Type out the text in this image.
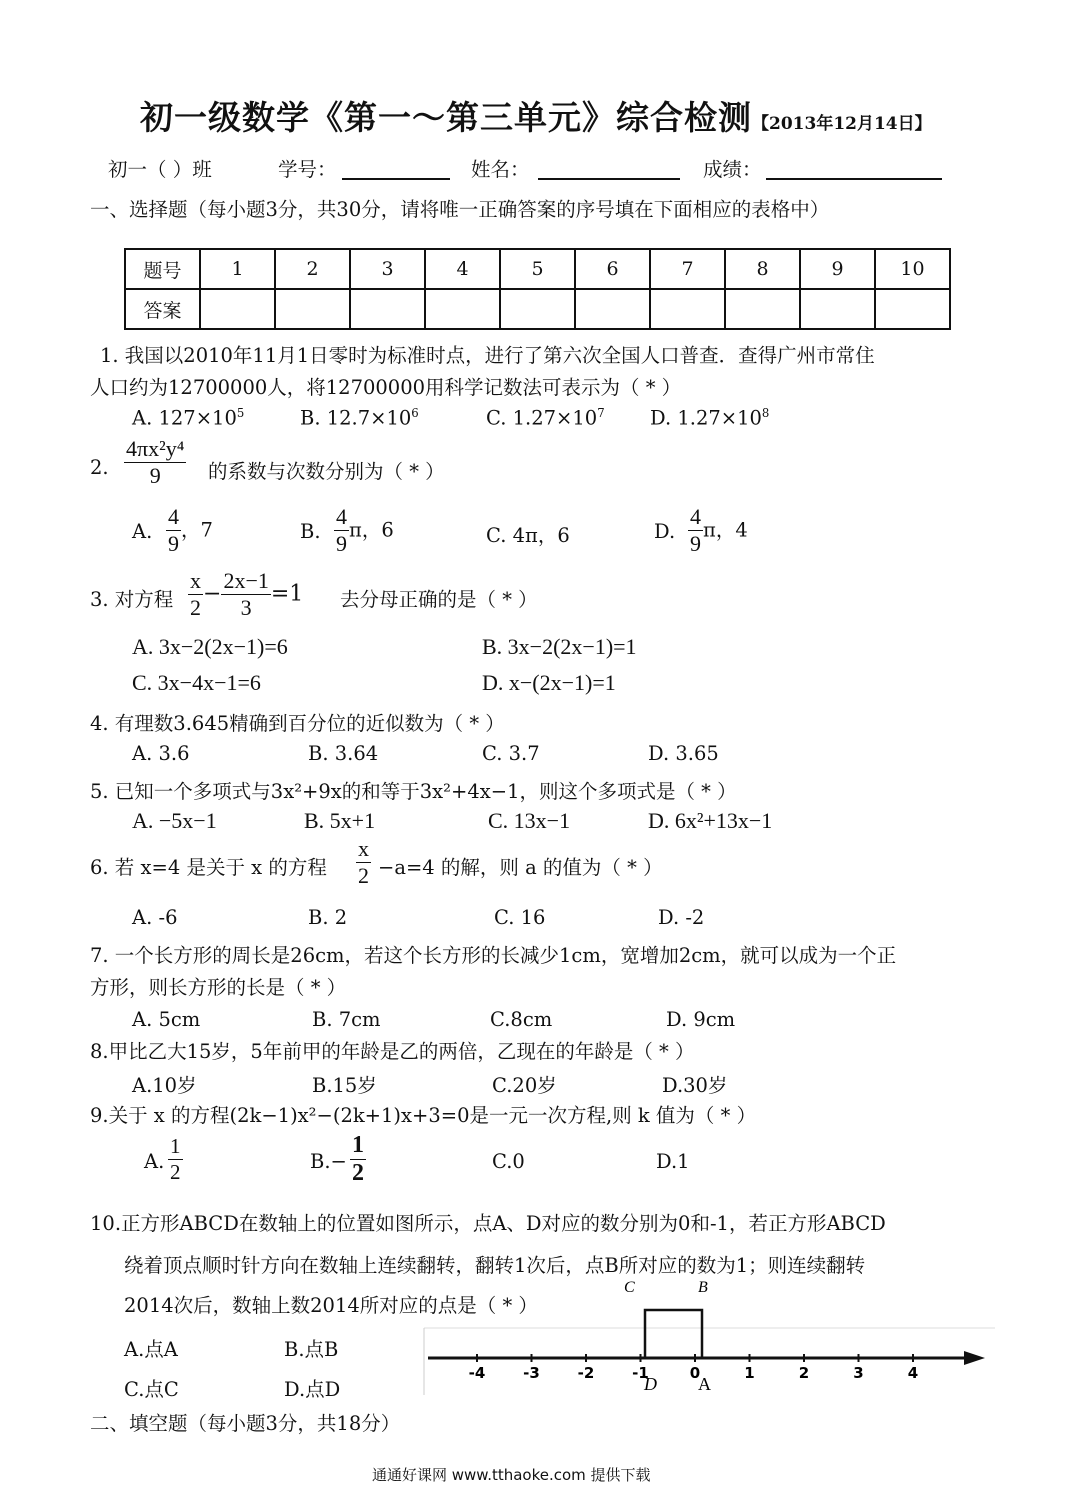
初一级数学《第一～第三单元》综合检测【2013年12月14日】
初一（ ）班	学号：	姓名：	成绩：
一、选择题（每小题3分，共30分，请将唯一正确答案的序号填在下面相应的表格中）
题号	1	2	3	4	5	6	7	8	9	10
答案										
1. 我国以2010年11月1日零时为标准时点，进行了第六次全国人口普查．查得广州市常住
人口约为12700000人，将12700000用科学记数法可表示为（ * ）
A. $127\times 10^5$	B. $12.7\times 10^6$	C. $1.27\times 10^7$ D. $1.27\times 10^8$
2. $\frac{\text{4πx²y⁴}}{9}$ 的系数与次数分别为（ * ）
A. $\frac{4}{9}$ ，7	B. $\frac{4}{9}$ π，6	C. 4π，6	D. $\frac{4}{9}$ π，4
3. 对方程 $\frac{x}{2} - \frac{2x-1}{3} =1$ 去分母正确的是（ * ）
A. 3x−2(2x−1)=6	B. 3x−2(2x−1)=1
C. 3x−4x−1=6	D. x−(2x−1)=1
4. 有理数3.645精确到百分位的近似数为（ * ）
A. 3.6	B. 3.64	C. 3.7	D. 3.65
5. 已知一个多项式与3x²+9x的和等于3x²+4x−1，则这个多项式是（ * ）
A. −5x−1	B. 5x+1	C. 13x−1	D. 6x²+13x−1
6. 若 x=4 是关于 x 的方程 $\frac{x}{2} -a=4$ 的解，则 a 的值为（ * ）
A. -6	B. 2	C. 16	D. -2
7. 一个长方形的周长是26cm，若这个长方形的长减少1cm，宽增加2cm，就可以成为一个正
方形，则长方形的长是（ * ）
A. 5cm	B. 7cm	C.8cm	D. 9cm
8.甲比乙大15岁，5年前甲的年龄是乙的两倍，乙现在的年龄是（ * ）
A.10岁	B.15岁	C.20岁	D.30岁
9.关于 x 的方程(2k−1)x²−(2k+1)x+3=0是一元一次方程,则 k 值为（ * ）
A. $\frac{1}{2}$	$B.- \frac{1}{2}$	C.0	D.1
10.正方形ABCD在数轴上的位置如图所示，点A、D对应的数分别为0和-1，若正方形ABCD
绕着顶点顺时针方向在数轴上连续翻转，翻转1次后，点B所对应的数为1；则连续翻转
2014次后，数轴上数2014所对应的点是（ * ）
A.点A	B.点B
C.点C	D.点D
-4	-3	-2	-1	0	1	2	3	4
C	B
D A
二、填空题（每小题3分，共18分）
通通好课网 www.tthaoke.com 提供下载
